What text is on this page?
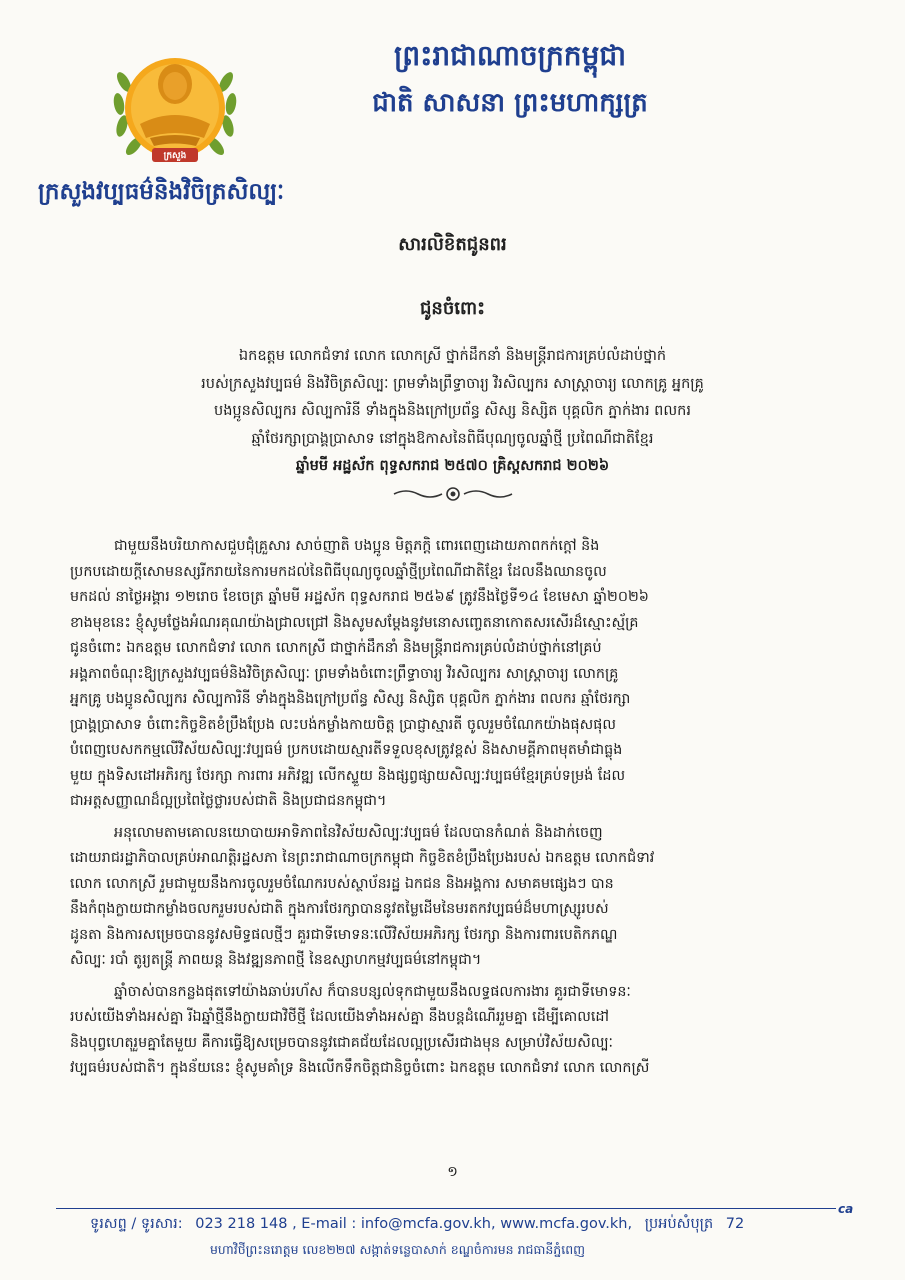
ក្រសួង
ក្រសួងវប្បធម៌និងវិចិត្រសិល្បៈ
ព្រះរាជាណាចក្រកម្ពុជា
ជាតិ សាសនា ព្រះមហាក្សត្រ
សារលិខិតជូនពរ
ជូនចំពោះ
ឯកឧត្តម លោកជំទាវ លោក លោកស្រី ថ្នាក់ដឹកនាំ និងមន្ត្រីរាជការគ្រប់លំដាប់ថ្នាក់
របស់ក្រសួងវប្បធម៌ និងវិចិត្រសិល្បៈ ព្រមទាំងព្រឹទ្ធាចារ្យ វិរសិល្បករ សាស្ត្រាចារ្យ លោកគ្រូ អ្នកគ្រូ
បងប្អូនសិល្បករ សិល្បការិនី ទាំងក្នុងនិងក្រៅប្រព័ន្ធ សិស្ស និស្សិត បុគ្គលិក ភ្នាក់ងារ ពលករ
ឆ្មាំថែរក្សាប្រាង្គប្រាសាទ នៅក្នុងឱកាសនៃពិធីបុណ្យចូលឆ្នាំថ្មី ប្រពៃណីជាតិខ្មែរ
ឆ្នាំមមី អដ្ឋស័ក ពុទ្ធសករាជ ២៥៧០ គ្រិស្តសករាជ ២០២៦

ជាមួយនឹងបរិយាកាសជួបជុំគ្រួសារ សាច់ញាតិ បងប្អូន មិត្តភក្តិ ពោរពេញដោយភាពកក់ក្តៅ និង
ប្រកបដោយក្តីសោមនស្សរីករាយនៃការមកដល់នៃពិធីបុណ្យចូលឆ្នាំថ្មីប្រពៃណីជាតិខ្មែរ ដែលនឹងឈានចូល
មកដល់ នាថ្ងៃអង្គារ ១២រោច ខែចេត្រ ឆ្នាំមមី អដ្ឋស័ក ពុទ្ធសករាជ ២៥៦៩ ត្រូវនឹងថ្ងៃទី១៤ ខែមេសា ឆ្នាំ២០២៦
ខាងមុខនេះ ខ្ញុំសូមថ្លែងអំណរគុណយ៉ាងជ្រាលជ្រៅ និងសូមសម្តែងនូវមនោសញ្ចេតនាកោតសរសើរដ៏ស្មោះស្ម័គ្រ
ជូនចំពោះ ឯកឧត្តម លោកជំទាវ លោក លោកស្រី ជាថ្នាក់ដឹកនាំ និងមន្ត្រីរាជការគ្រប់លំដាប់ថ្នាក់នៅគ្រប់
អង្គភាពចំណុះឱ្យក្រសួងវប្បធម៌និងវិចិត្រសិល្បៈ ព្រមទាំងចំពោះព្រឹទ្ធាចារ្យ វិរសិល្បករ សាស្ត្រាចារ្យ លោកគ្រូ
អ្នកគ្រូ បងប្អូនសិល្បករ សិល្បការិនី ទាំងក្នុងនិងក្រៅប្រព័ន្ធ សិស្ស និស្សិត បុគ្គលិក ភ្នាក់ងារ ពលករ ឆ្មាំថែរក្សា
ប្រាង្គប្រាសាទ ចំពោះកិច្ចខិតខំប្រឹងប្រែង លះបង់កម្លាំងកាយចិត្ត ប្រាជ្ញាស្មារតី ចូលរួមចំណែកយ៉ាងផុសផុល
បំពេញបេសកកម្មលើវិស័យសិល្បៈវប្បធម៌ ប្រកបដោយស្មារតីទទួលខុសត្រូវខ្ពស់ និងសាមគ្គីភាពមុតមាំជាធ្លុង
មួយ ក្នុងទិសដៅអភិរក្ស ថែរក្សា ការពារ អភិវឌ្ឍ លើកស្ទួយ និងផ្សព្វផ្សាយសិល្បៈវប្បធម៌ខ្មែរគ្រប់ទម្រង់ ដែល
ជាអត្តសញ្ញាណដ៏ល្អប្រពៃថ្លៃថ្លារបស់ជាតិ និងប្រជាជនកម្ពុជា។

អនុលោមតាមគោលនយោបាយអាទិភាពនៃវិស័យសិល្បៈវប្បធម៌ ដែលបានកំណត់ និងដាក់ចេញ
ដោយរាជរដ្ឋាភិបាលគ្រប់អាណត្តិរដ្ឋសភា នៃព្រះរាជាណាចក្រកម្ពុជា កិច្ចខិតខំប្រឹងប្រែងរបស់ ឯកឧត្តម លោកជំទាវ
លោក លោកស្រី រួមជាមួយនឹងការចូលរួមចំណែករបស់ស្ថាប័នរដ្ឋ ឯកជន និងអង្គការ សមាគមផ្សេងៗ បាន
នឹងកំពុងក្លាយជាកម្លាំងចលករួមរបស់ជាតិ ក្នុងការថែរក្សាបាននូវតម្លៃដើមនៃមរតកវប្បធម៌ដ៏មហាស្ស្រូរបស់
ដូនតា និងការសម្រេចបាននូវសមិទ្ធផលថ្មីៗ គួរជាទីមោទនៈលើវិស័យអភិរក្ស ថែរក្សា និងការពារបេតិកភណ្ឌ
សិល្បៈ របាំ តូរ្យតន្ត្រី ភាពយន្ត និងវឌ្ឍនភាពថ្មី នៃឧស្សាហកម្មវប្បធម៌នៅកម្ពុជា។

ឆ្នាំចាស់បានកន្លងផុតទៅយ៉ាងឆាប់រហ័ស ក៏បានបន្សល់ទុកជាមួយនឹងលទ្ធផលការងារ គួរជាទីមោទនៈ
របស់យើងទាំងអស់គ្នា រីឯឆ្នាំថ្មីនឹងក្លាយជាវិថីថ្មី ដែលយើងទាំងអស់គ្នា នឹងបន្តដំណើររួមគ្នា ដើម្បីគោលដៅ
និងបុព្វហេតុរួមគ្នាតែមួយ គឺការធ្វើឱ្យសម្រេចបាននូវជោគជ័យដែលល្អប្រសើរជាងមុន សម្រាប់វិស័យសិល្បៈ
វប្បធម៌របស់ជាតិ។ ក្នុងន័យនេះ ខ្ញុំសូមគាំទ្រ និងលើកទឹកចិត្តជានិច្ចចំពោះ ឯកឧត្តម លោកជំទាវ លោក លោកស្រី

១
ca
ទូរសព្ទ / ទូរសារ: 023 218 148 , E-mail : info@mcfa.gov.kh, www.mcfa.gov.kh, ប្រអប់សំបុត្រ 72
មហាវិថីព្រះនរោត្តម លេខ២២៧ សង្កាត់ទន្លេបាសាក់ ខណ្ឌចំការមន រាជធានីភ្នំពេញ
